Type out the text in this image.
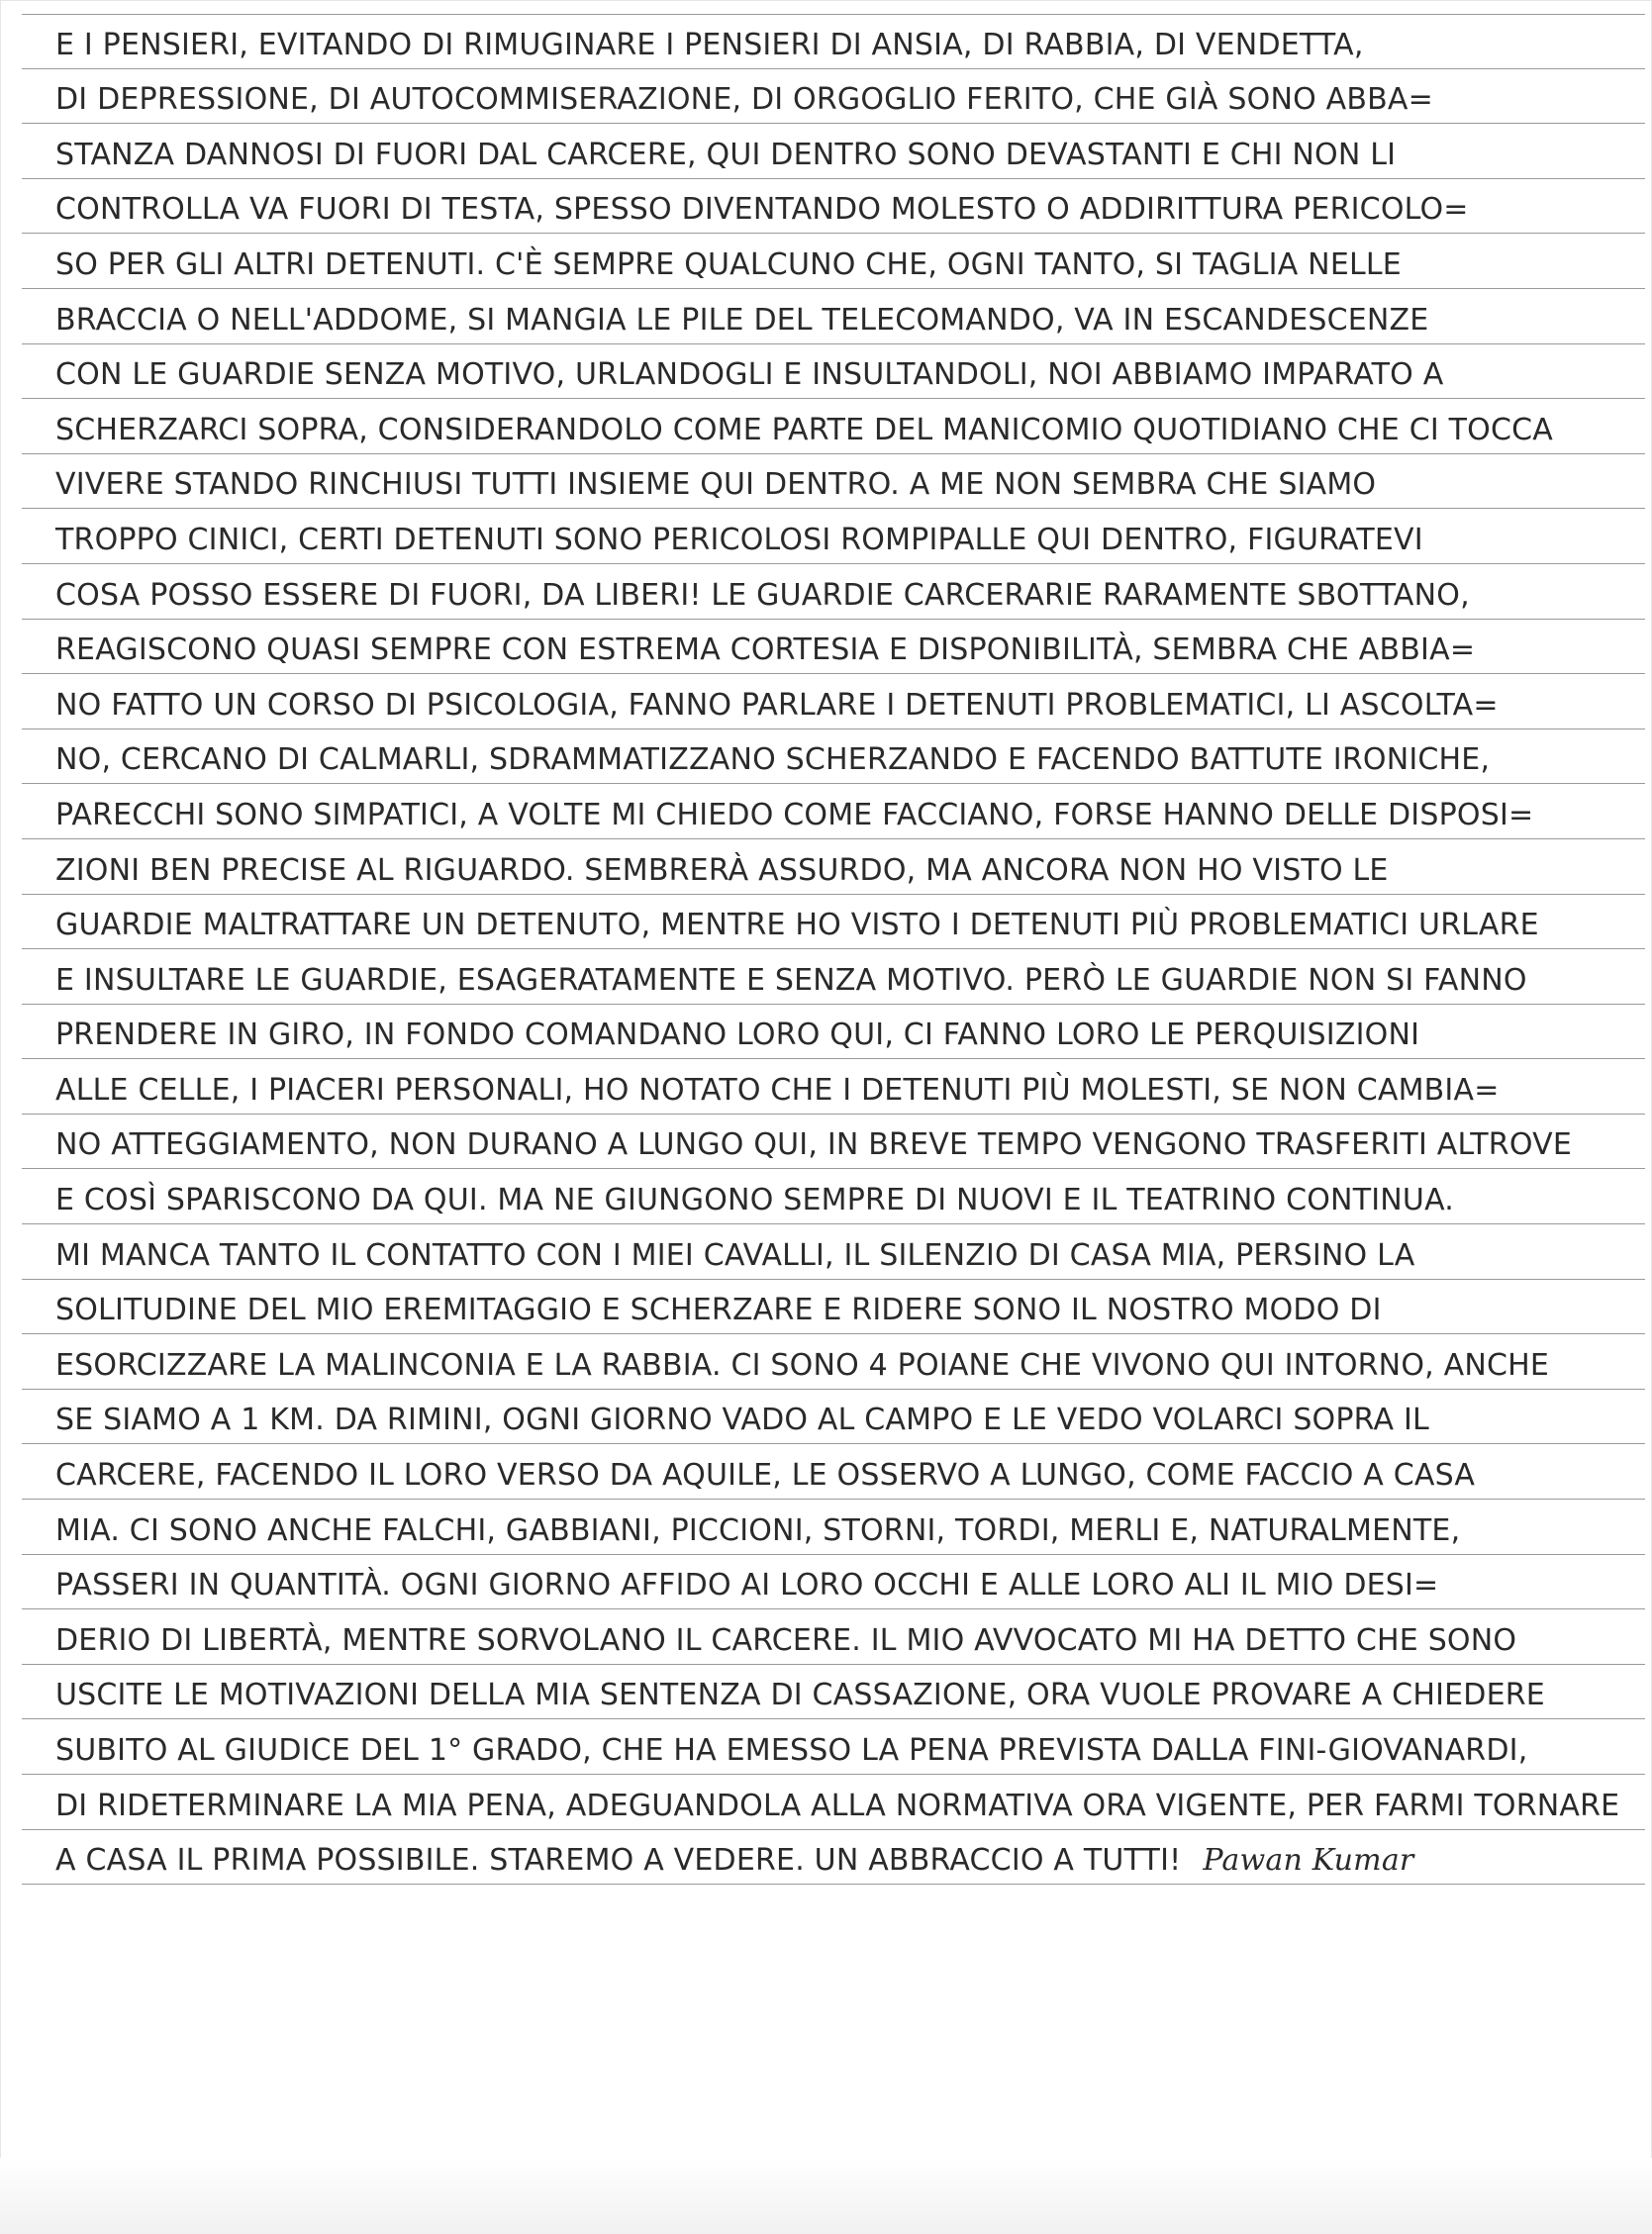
E I PENSIERI, EVITANDO DI RIMUGINARE I PENSIERI DI ANSIA, DI RABBIA, DI VENDETTA,
DI DEPRESSIONE, DI AUTOCOMMISERAZIONE, DI ORGOGLIO FERITO, CHE GIÀ SONO ABBA=
STANZA DANNOSI DI FUORI DAL CARCERE, QUI DENTRO SONO DEVASTANTI E CHI NON LI
CONTROLLA VA FUORI DI TESTA, SPESSO DIVENTANDO MOLESTO O ADDIRITTURA PERICOLO=
SO PER GLI ALTRI DETENUTI. C'È SEMPRE QUALCUNO CHE, OGNI TANTO, SI TAGLIA NELLE
BRACCIA O NELL'ADDOME, SI MANGIA LE PILE DEL TELECOMANDO, VA IN ESCANDESCENZE
CON LE GUARDIE SENZA MOTIVO, URLANDOGLI E INSULTANDOLI, NOI ABBIAMO IMPARATO A
SCHERZARCI SOPRA, CONSIDERANDOLO COME PARTE DEL MANICOMIO QUOTIDIANO CHE CI TOCCA
VIVERE STANDO RINCHIUSI TUTTI INSIEME QUI DENTRO. A ME NON SEMBRA CHE SIAMO
TROPPO CINICI, CERTI DETENUTI SONO PERICOLOSI ROMPIPALLE QUI DENTRO, FIGURATEVI
COSA POSSO ESSERE DI FUORI, DA LIBERI! LE GUARDIE CARCERARIE RARAMENTE SBOTTANO,
REAGISCONO QUASI SEMPRE CON ESTREMA CORTESIA E DISPONIBILITÀ, SEMBRA CHE ABBIA=
NO FATTO UN CORSO DI PSICOLOGIA, FANNO PARLARE I DETENUTI PROBLEMATICI, LI ASCOLTA=
NO, CERCANO DI CALMARLI, SDRAMMATIZZANO SCHERZANDO E FACENDO BATTUTE IRONICHE,
PARECCHI SONO SIMPATICI, A VOLTE MI CHIEDO COME FACCIANO, FORSE HANNO DELLE DISPOSI=
ZIONI BEN PRECISE AL RIGUARDO. SEMBRERÀ ASSURDO, MA ANCORA NON HO VISTO LE
GUARDIE MALTRATTARE UN DETENUTO, MENTRE HO VISTO I DETENUTI PIÙ PROBLEMATICI URLARE
E INSULTARE LE GUARDIE, ESAGERATAMENTE E SENZA MOTIVO. PERÒ LE GUARDIE NON SI FANNO
PRENDERE IN GIRO, IN FONDO COMANDANO LORO QUI, CI FANNO LORO LE PERQUISIZIONI
ALLE CELLE, I PIACERI PERSONALI, HO NOTATO CHE I DETENUTI PIÙ MOLESTI, SE NON CAMBIA=
NO ATTEGGIAMENTO, NON DURANO A LUNGO QUI, IN BREVE TEMPO VENGONO TRASFERITI ALTROVE
E COSÌ SPARISCONO DA QUI. MA NE GIUNGONO SEMPRE DI NUOVI E IL TEATRINO CONTINUA.
MI MANCA TANTO IL CONTATTO CON I MIEI CAVALLI, IL SILENZIO DI CASA MIA, PERSINO LA
SOLITUDINE DEL MIO EREMITAGGIO E SCHERZARE E RIDERE SONO IL NOSTRO MODO DI
ESORCIZZARE LA MALINCONIA E LA RABBIA. CI SONO 4 POIANE CHE VIVONO QUI INTORNO, ANCHE
SE SIAMO A 1 KM. DA RIMINI, OGNI GIORNO VADO AL CAMPO E LE VEDO VOLARCI SOPRA IL
CARCERE, FACENDO IL LORO VERSO DA AQUILE, LE OSSERVO A LUNGO, COME FACCIO A CASA
MIA. CI SONO ANCHE FALCHI, GABBIANI, PICCIONI, STORNI, TORDI, MERLI E, NATURALMENTE,
PASSERI IN QUANTITÀ. OGNI GIORNO AFFIDO AI LORO OCCHI E ALLE LORO ALI IL MIO DESI=
DERIO DI LIBERTÀ, MENTRE SORVOLANO IL CARCERE. IL MIO AVVOCATO MI HA DETTO CHE SONO
USCITE LE MOTIVAZIONI DELLA MIA SENTENZA DI CASSAZIONE, ORA VUOLE PROVARE A CHIEDERE
SUBITO AL GIUDICE DEL 1° GRADO, CHE HA EMESSO LA PENA PREVISTA DALLA FINI-GIOVANARDI,
DI RIDETERMINARE LA MIA PENA, ADEGUANDOLA ALLA NORMATIVA ORA VIGENTE, PER FARMI TORNARE
A CASA IL PRIMA POSSIBILE. STAREMO A VEDERE. UN ABBRACCIO A TUTTI! Pawan Kumar
